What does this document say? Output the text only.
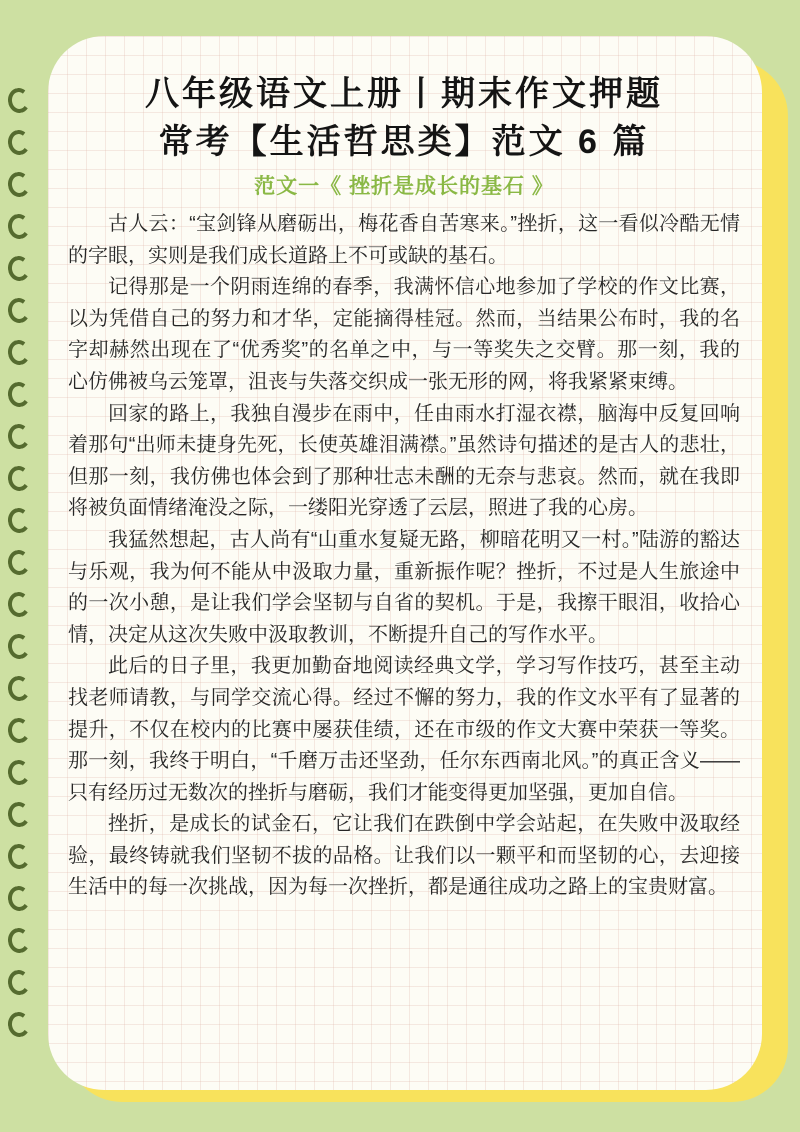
八年级语文上册丨期末作文押题
常考【生活哲思类】范文 6 篇
范文一《 挫折是成长的基石 》

古人云：“宝剑锋从磨砺出，梅花香自苦寒来。”挫折，这一看似冷酷无情的字眼，实则是我们成长道路上不可或缺的基石。

记得那是一个阴雨连绵的春季，我满怀信心地参加了学校的作文比赛，以为凭借自己的努力和才华，定能摘得桂冠。然而，当结果公布时，我的名字却赫然出现在了“优秀奖”的名单之中，与一等奖失之交臂。那一刻，我的心仿佛被乌云笼罩，沮丧与失落交织成一张无形的网，将我紧紧束缚。

回家的路上，我独自漫步在雨中，任由雨水打湿衣襟，脑海中反复回响着那句“出师未捷身先死，长使英雄泪满襟。”虽然诗句描述的是古人的悲壮，但那一刻，我仿佛也体会到了那种壮志未酬的无奈与悲哀。然而，就在我即将被负面情绪淹没之际，一缕阳光穿透了云层，照进了我的心房。

我猛然想起，古人尚有“山重水复疑无路，柳暗花明又一村。”陆游的豁达与乐观，我为何不能从中汲取力量，重新振作呢？挫折，不过是人生旅途中的一次小憩，是让我们学会坚韧与自省的契机。于是，我擦干眼泪，收拾心情，决定从这次失败中汲取教训，不断提升自己的写作水平。

此后的日子里，我更加勤奋地阅读经典文学，学习写作技巧，甚至主动找老师请教，与同学交流心得。经过不懈的努力，我的作文水平有了显著的提升，不仅在校内的比赛中屡获佳绩，还在市级的作文大赛中荣获一等奖。那一刻，我终于明白，“千磨万击还坚劲，任尔东西南北风。”的真正含义——只有经历过无数次的挫折与磨砺，我们才能变得更加坚强，更加自信。

挫折，是成长的试金石，它让我们在跌倒中学会站起，在失败中汲取经验，最终铸就我们坚韧不拔的品格。让我们以一颗平和而坚韧的心，去迎接生活中的每一次挑战，因为每一次挫折，都是通往成功之路上的宝贵财富。
